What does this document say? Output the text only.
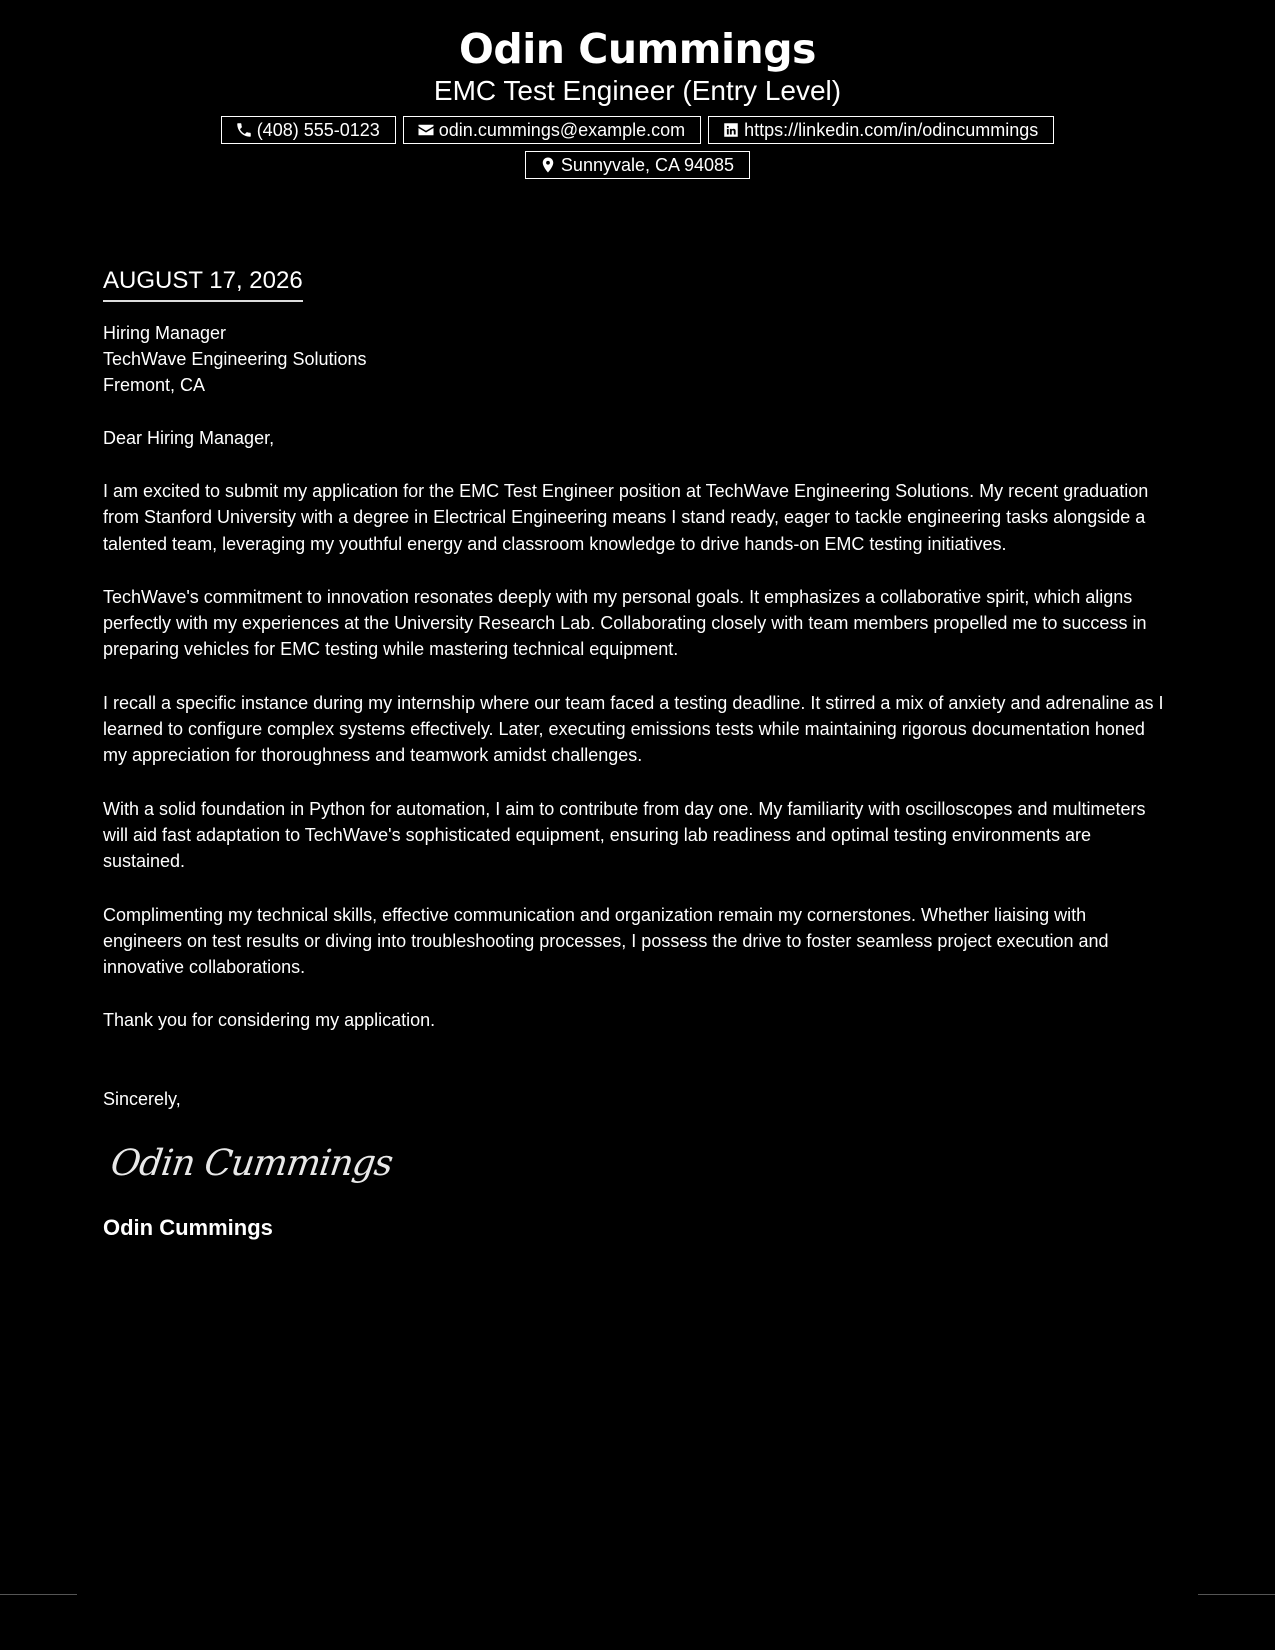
Odin Cummings
EMC Test Engineer (Entry Level)
(408) 555-0123	odin.cummings@example.com	https://linkedin.com/in/odincummings
Sunnyvale, CA 94085
AUGUST 17, 2026
Hiring Manager
TechWave Engineering Solutions
Fremont, CA
Dear Hiring Manager,

I am excited to submit my application for the EMC Test Engineer position at TechWave Engineering Solutions. My recent graduation from Stanford University with a degree in Electrical Engineering means I stand ready, eager to tackle engineering tasks alongside a talented team, leveraging my youthful energy and classroom knowledge to drive hands-on EMC testing initiatives.

TechWave's commitment to innovation resonates deeply with my personal goals. It emphasizes a collaborative spirit, which aligns perfectly with my experiences at the University Research Lab. Collaborating closely with team members propelled me to success in preparing vehicles for EMC testing while mastering technical equipment.

I recall a specific instance during my internship where our team faced a testing deadline. It stirred a mix of anxiety and adrenaline as I learned to configure complex systems effectively. Later, executing emissions tests while maintaining rigorous documentation honed my appreciation for thoroughness and teamwork amidst challenges.

With a solid foundation in Python for automation, I aim to contribute from day one. My familiarity with oscilloscopes and multimeters will aid fast adaptation to TechWave's sophisticated equipment, ensuring lab readiness and optimal testing environments are sustained.

Complimenting my technical skills, effective communication and organization remain my cornerstones. Whether liaising with engineers on test results or diving into troubleshooting processes, I possess the drive to foster seamless project execution and innovative collaborations.

Thank you for considering my application.

Sincerely,
Odin Cummings
Odin Cummings
